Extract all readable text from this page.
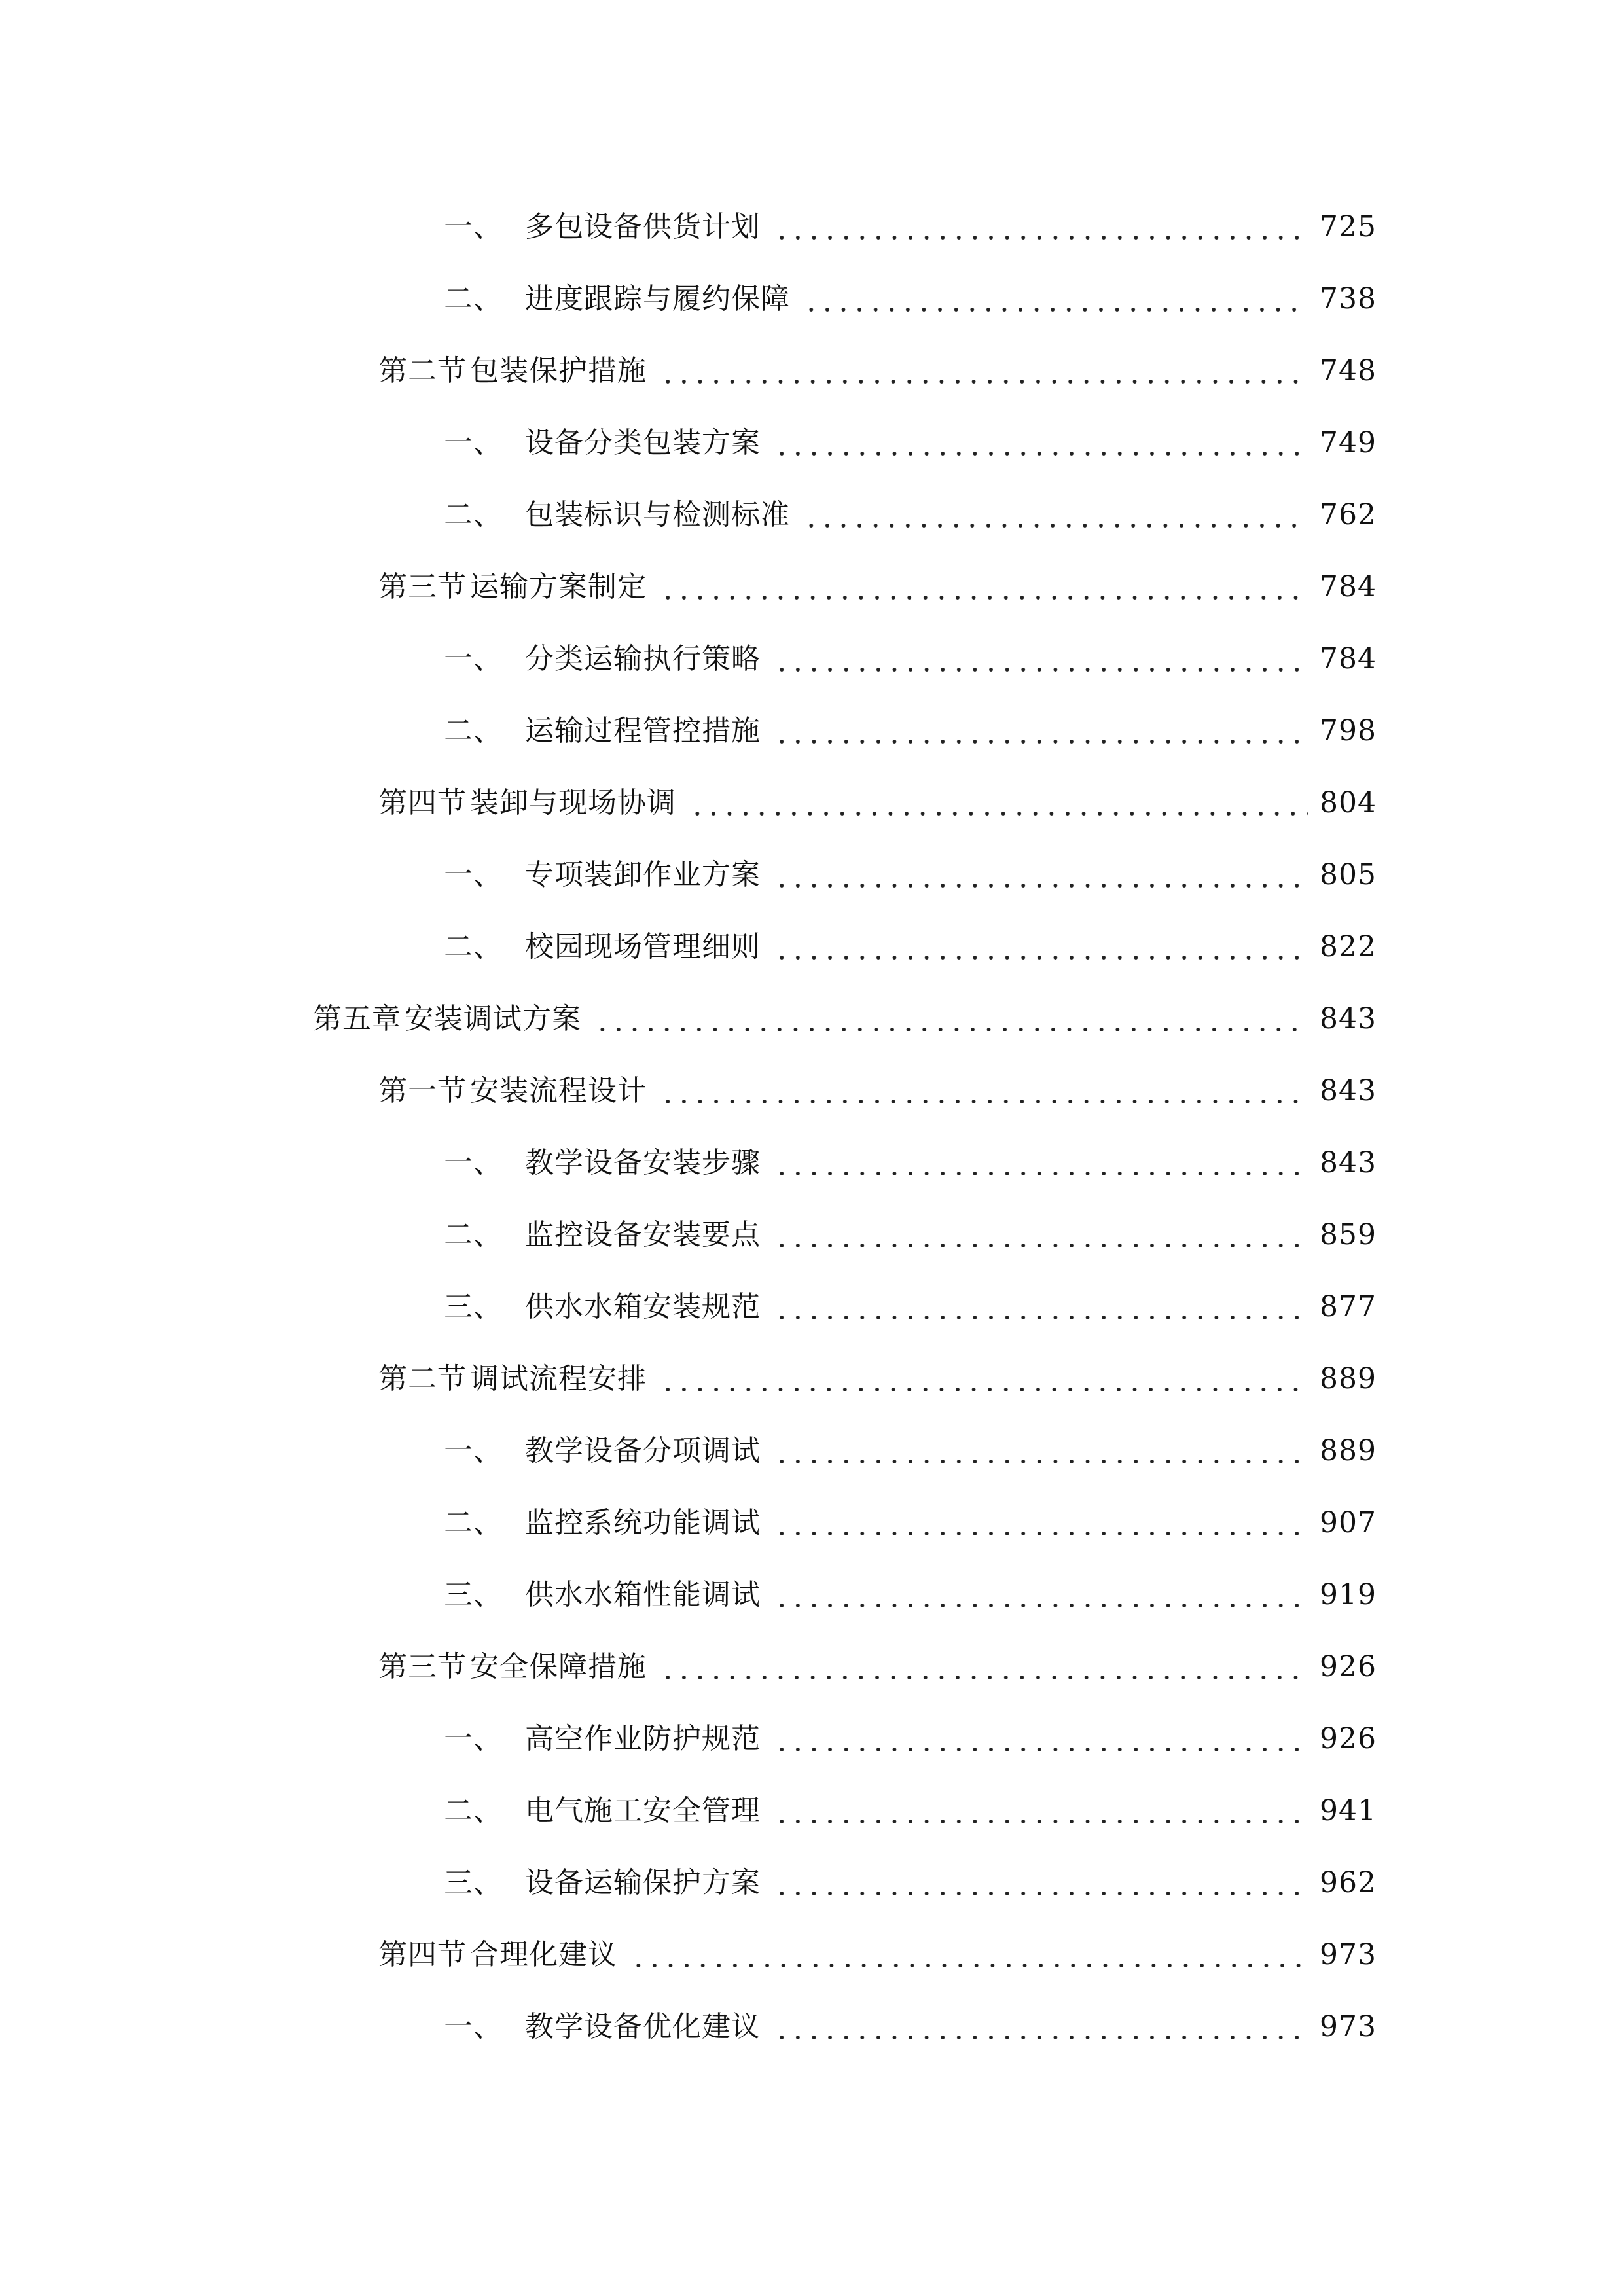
一、 多包设备供货计划	725
二、 进度跟踪与履约保障	738
第二节 包装保护措施	748
一、 设备分类包装方案	749
二、 包装标识与检测标准	762
第三节 运输方案制定	784
一、 分类运输执行策略	784
二、 运输过程管控措施	798
第四节 装卸与现场协调	804
一、 专项装卸作业方案	805
二、 校园现场管理细则	822
第五章 安装调试方案	843
第一节 安装流程设计	843
一、 教学设备安装步骤	843
二、 监控设备安装要点	859
三、 供水水箱安装规范	877
第二节 调试流程安排	889
一、 教学设备分项调试	889
二、 监控系统功能调试	907
三、 供水水箱性能调试	919
第三节 安全保障措施	926
一、 高空作业防护规范	926
二、 电气施工安全管理	941
三、 设备运输保护方案	962
第四节 合理化建议	973
一、 教学设备优化建议	973
